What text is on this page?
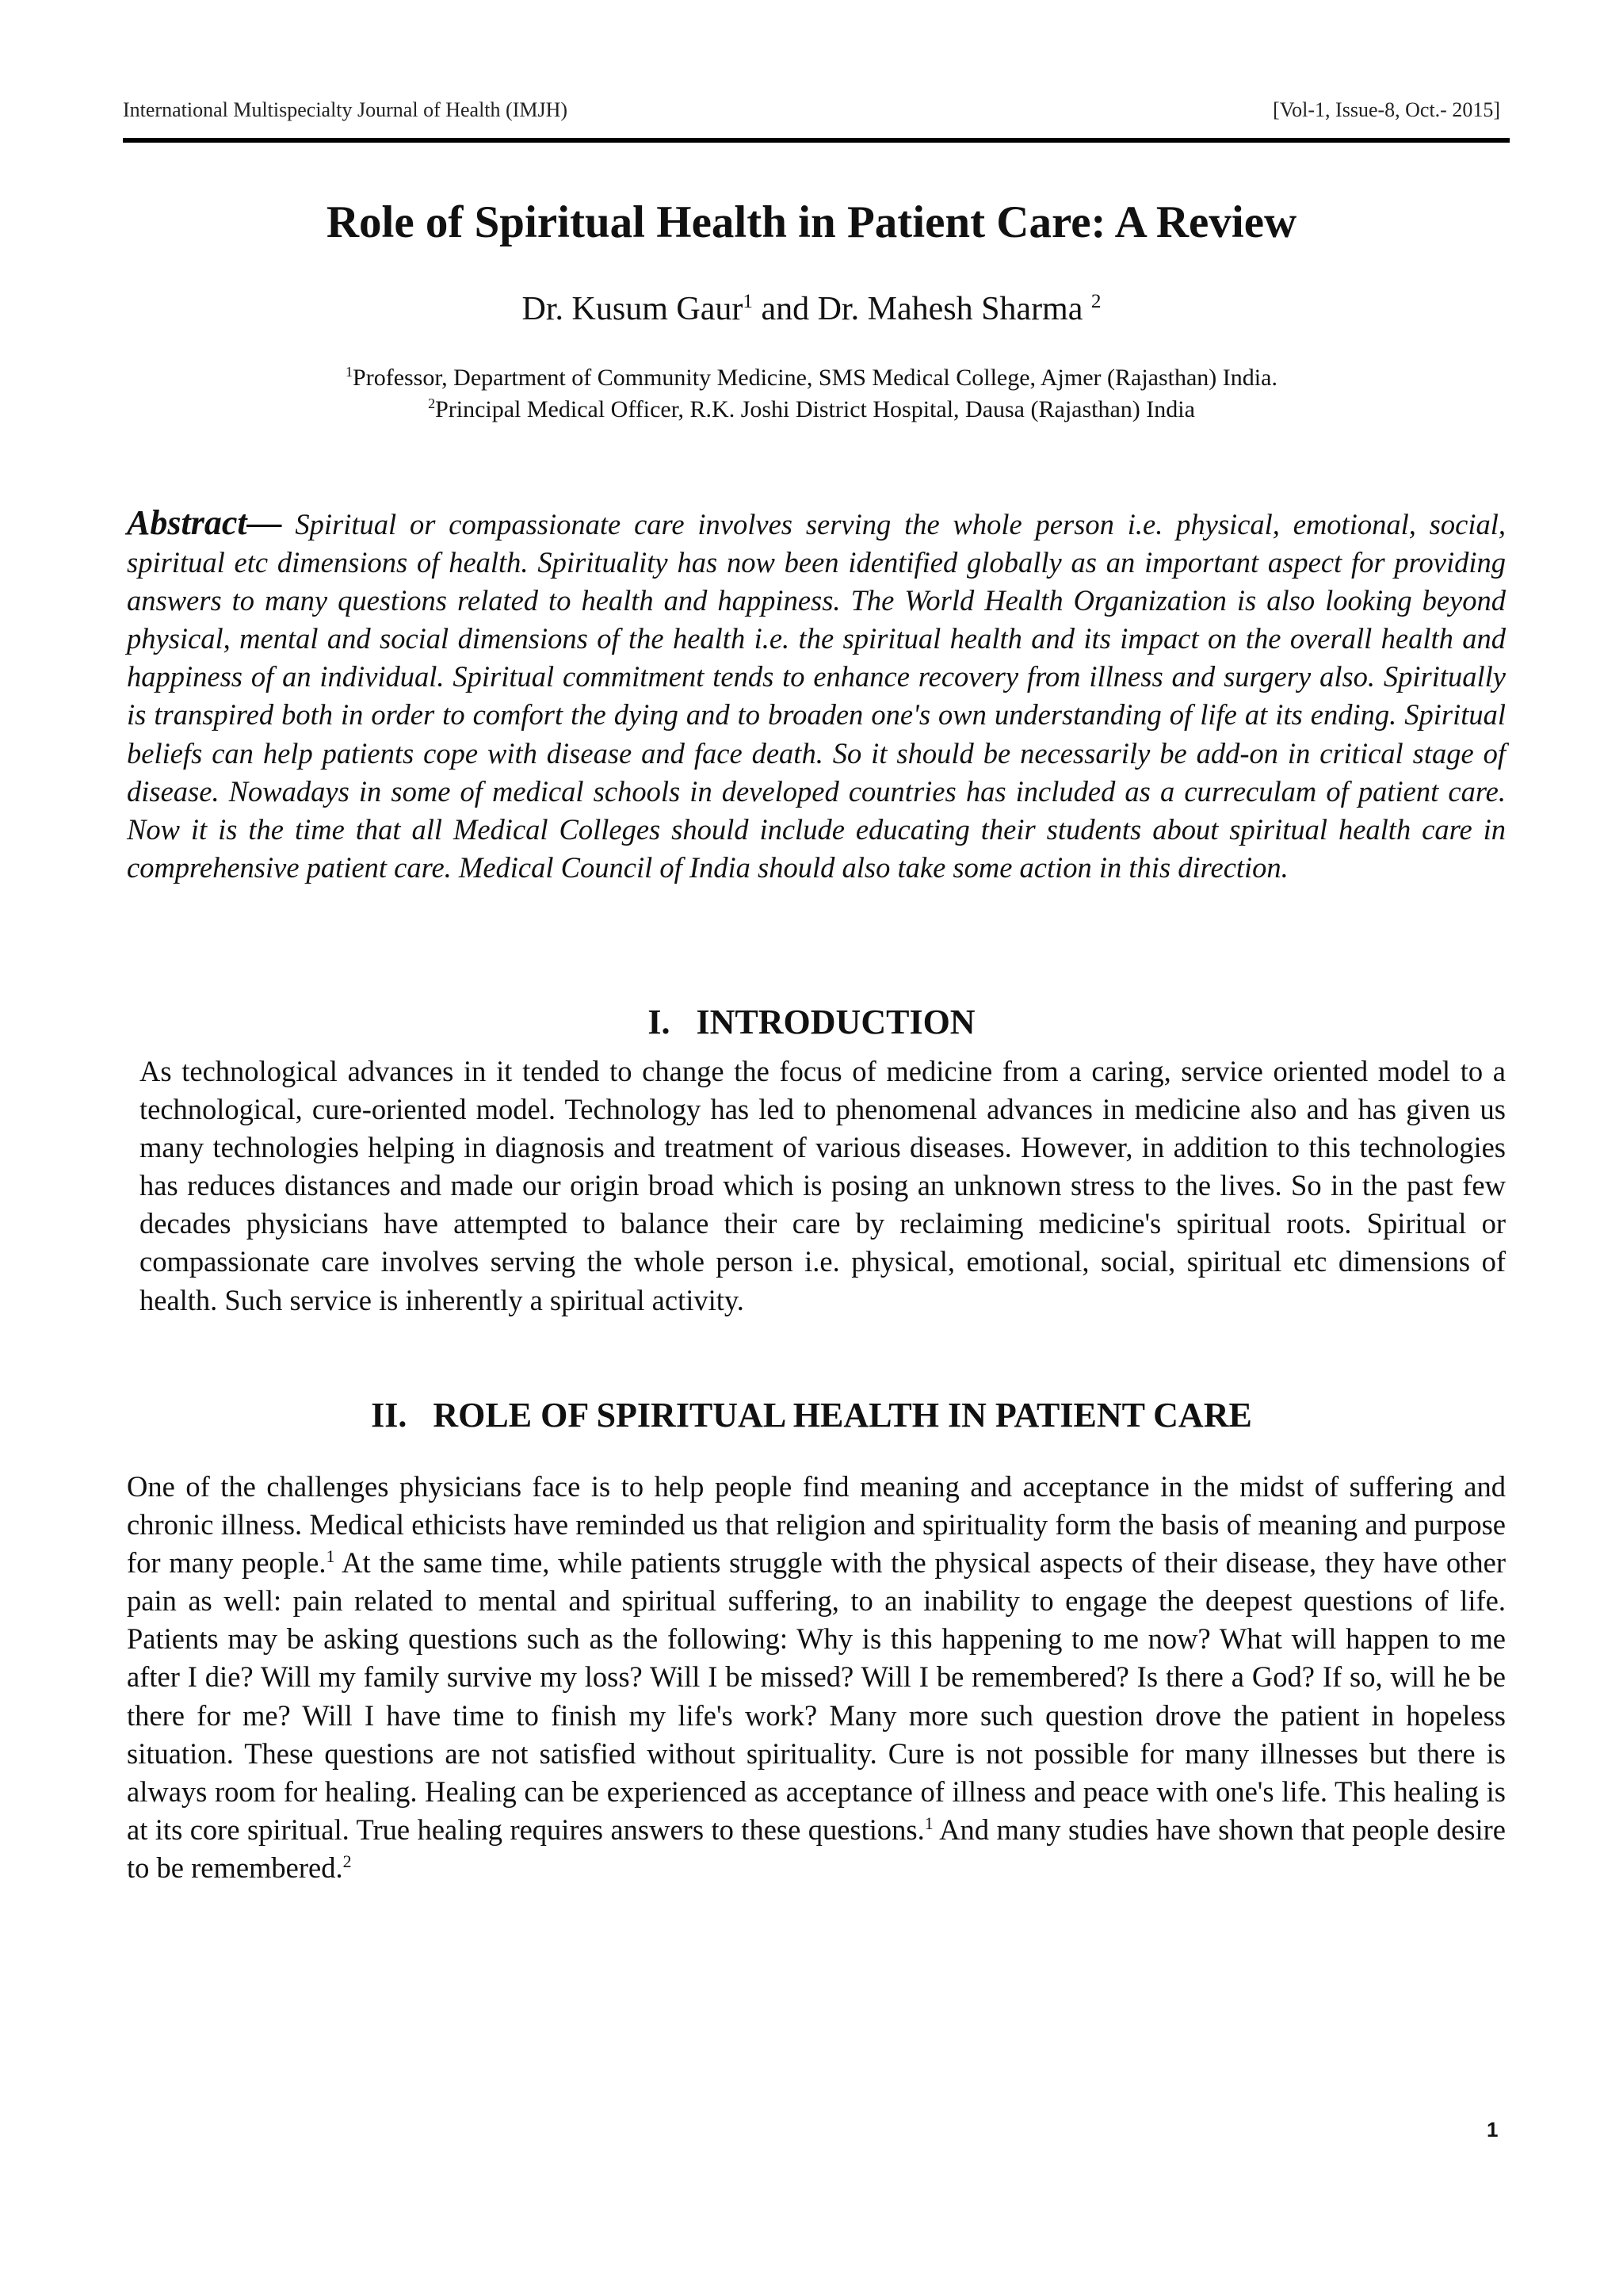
International Multispecialty Journal of Health (IMJH)	[Vol-1, Issue-8, Oct.- 2015]
Role of Spiritual Health in Patient Care: A Review
Dr. Kusum Gaur$^1$ and Dr. Mahesh Sharma $^2$
$^1$Professor, Department of Community Medicine, SMS Medical College, Ajmer (Rajasthan) India.
$^2$Principal Medical Officer, R.K. Joshi District Hospital, Dausa (Rajasthan) India
Abstract— Spiritual or compassionate care involves serving the whole person i.e. physical, emotional, social, spiritual etc dimensions of health. Spirituality has now been identified globally as an important aspect for providing answers to many questions related to health and happiness. The World Health Organization is also looking beyond physical, mental and social dimensions of the health i.e. the spiritual health and its impact on the overall health and happiness of an individual. Spiritual commitment tends to enhance recovery from illness and surgery also. Spiritually is transpired both in order to comfort the dying and to broaden one's own understanding of life at its ending. Spiritual beliefs can help patients cope with disease and face death. So it should be necessarily be add-on in critical stage of disease. Nowadays in some of medical schools in developed countries has included as a curreculam of patient care. Now it is the time that all Medical Colleges should include educating their students about spiritual health care in comprehensive patient care. Medical Council of India should also take some action in this direction.
I.   INTRODUCTION
As technological advances in it tended to change the focus of medicine from a caring, service oriented model to a technological, cure-oriented model. Technology has led to phenomenal advances in medicine also and has given us many technologies helping in diagnosis and treatment of various diseases. However, in addition to this technologies has reduces distances and made our origin broad which is posing an unknown stress to the lives. So in the past few decades physicians have attempted to balance their care by reclaiming medicine's spiritual roots. Spiritual or compassionate care involves serving the whole person i.e. physical, emotional, social, spiritual etc dimensions of health. Such service is inherently a spiritual activity.
II.   ROLE OF SPIRITUAL HEALTH IN PATIENT CARE
One of the challenges physicians face is to help people find meaning and acceptance in the midst of suffering and chronic illness. Medical ethicists have reminded us that religion and spirituality form the basis of meaning and purpose for many people.$^1$ At the same time, while patients struggle with the physical aspects of their disease, they have other pain as well: pain related to mental and spiritual suffering, to an inability to engage the deepest questions of life. Patients may be asking questions such as the following: Why is this happening to me now? What will happen to me after I die? Will my family survive my loss? Will I be missed? Will I be remembered? Is there a God? If so, will he be there for me? Will I have time to finish my life's work? Many more such question drove the patient in hopeless situation. These questions are not satisfied without spirituality. Cure is not possible for many illnesses but there is always room for healing. Healing can be experienced as acceptance of illness and peace with one's life. This healing is at its core spiritual. True healing requires answers to these questions.$^1$ And many studies have shown that people desire to be remembered.$^2$
1
